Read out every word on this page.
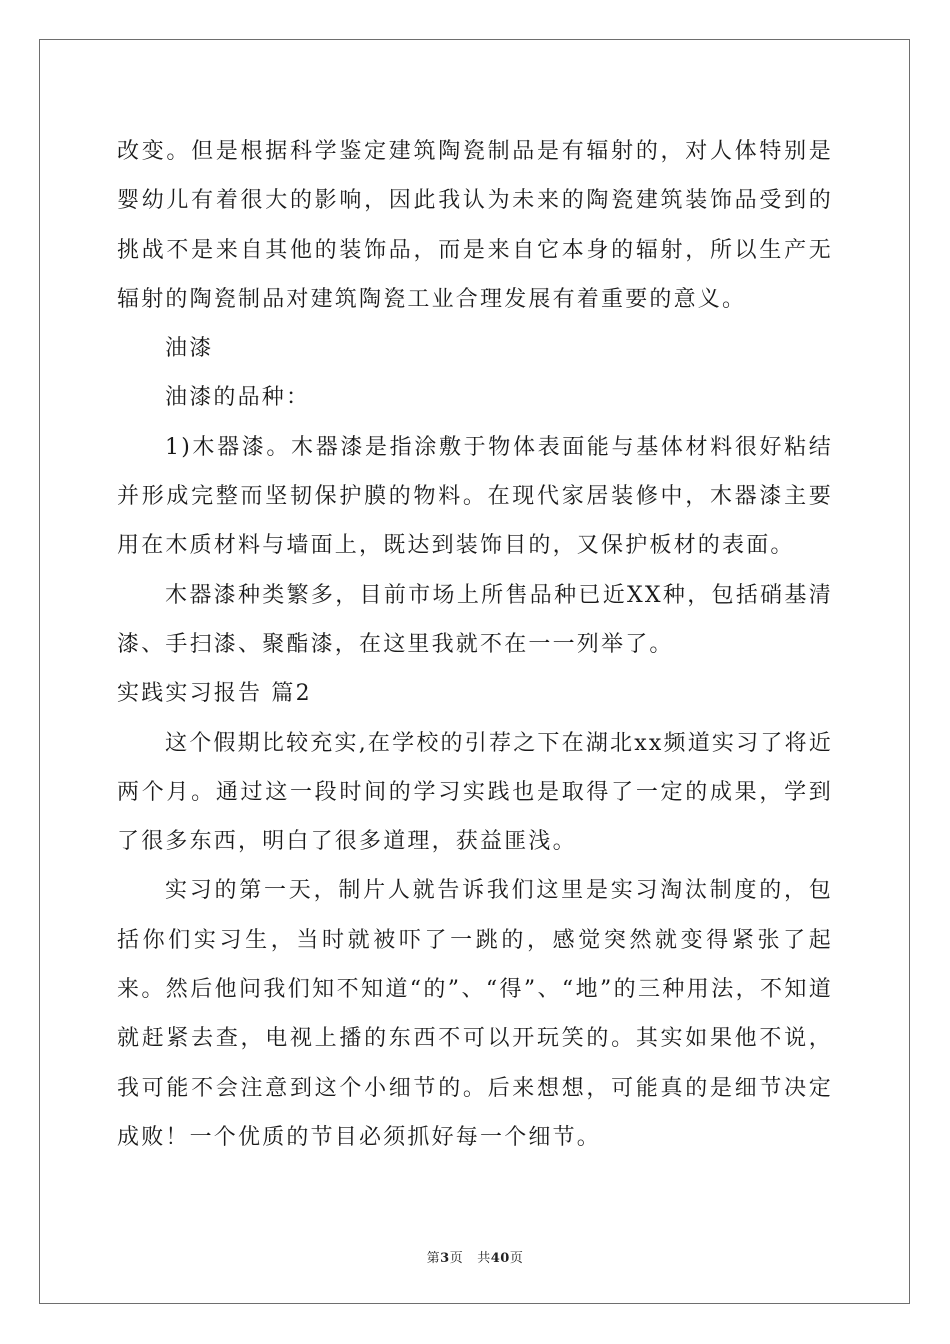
改变。但是根据科学鉴定建筑陶瓷制品是有辐射的，对人体特别是婴幼儿有着很大的影响，因此我认为未来的陶瓷建筑装饰品受到的挑战不是来自其他的装饰品，而是来自它本身的辐射，所以生产无辐射的陶瓷制品对建筑陶瓷工业合理发展有着重要的意义。

油漆

油漆的品种：

1)木器漆。木器漆是指涂敷于物体表面能与基体材料很好粘结并形成完整而坚韧保护膜的物料。在现代家居装修中，木器漆主要用在木质材料与墙面上，既达到装饰目的，又保护板材的表面。

木器漆种类繁多，目前市场上所售品种已近XX种，包括硝基清漆、手扫漆、聚酯漆，在这里我就不在一一列举了。

实践实习报告 篇2

这个假期比较充实,在学校的引荐之下在湖北xx频道实习了将近两个月。通过这一段时间的学习实践也是取得了一定的成果，学到了很多东西，明白了很多道理，获益匪浅。

实习的第一天，制片人就告诉我们这里是实习淘汰制度的，包括你们实习生，当时就被吓了一跳的，感觉突然就变得紧张了起来。然后他问我们知不知道“的”、“得”、“地”的三种用法，不知道就赶紧去查，电视上播的东西不可以开玩笑的。其实如果他不说，我可能不会注意到这个小细节的。后来想想，可能真的是细节决定成败！一个优质的节目必须抓好每一个细节。

第3页 共40页
